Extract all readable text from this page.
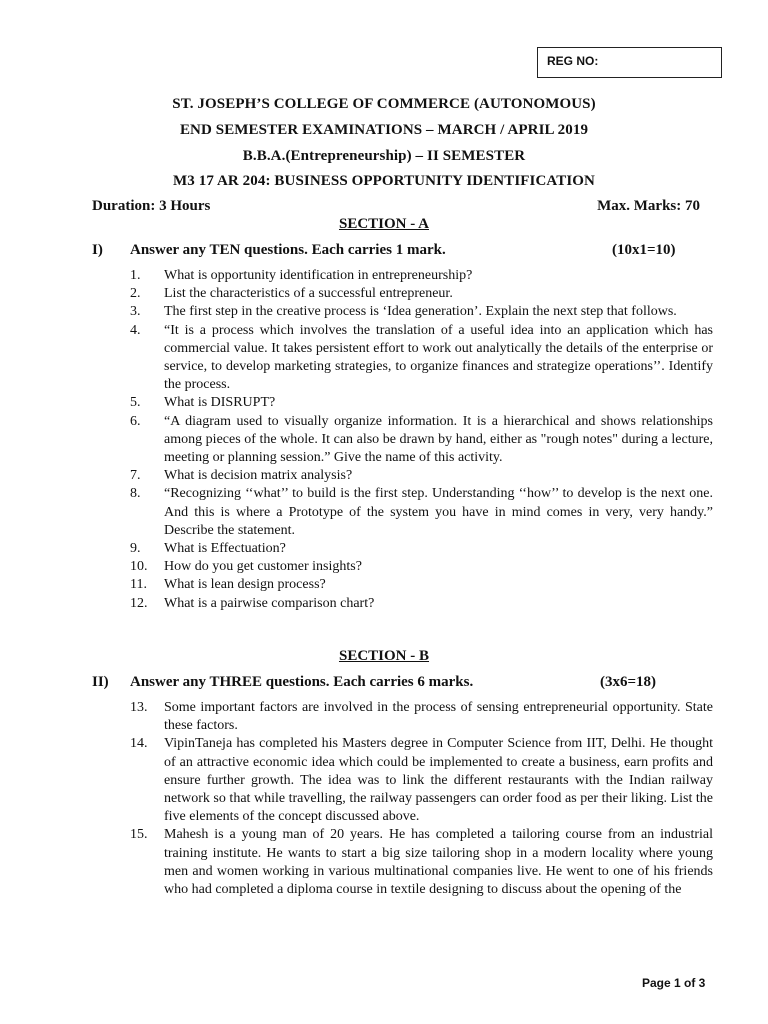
REG NO:
ST. JOSEPH’S COLLEGE OF COMMERCE (AUTONOMOUS)
END SEMESTER EXAMINATIONS – MARCH / APRIL 2019
B.B.A.(Entrepreneurship) – II SEMESTER
M3 17 AR 204: BUSINESS OPPORTUNITY IDENTIFICATION
Duration: 3 Hours	Max. Marks: 70
SECTION - A
I) Answer any TEN questions. Each carries 1 mark.	(10x1=10)
1.	What is opportunity identification in entrepreneurship?
2.	List the characteristics of a successful entrepreneur.
3.	The first step in the creative process is ‘Idea generation’. Explain the next step that follows.
4.	“It is a process which involves the translation of a useful idea into an application which has commercial value. It takes persistent effort to work out analytically the details of the enterprise or service, to develop marketing strategies, to organize finances and strategize operations’’. Identify the process.
5.	What is DISRUPT?
6.	“A diagram used to visually organize information. It is a hierarchical and shows relationships among pieces of the whole. It can also be drawn by hand, either as "rough notes" during a lecture, meeting or planning session.” Give the name of this activity.
7.	What is decision matrix analysis?
8.	“Recognizing ‘‘what’’ to build is the first step. Understanding ‘‘how’’ to develop is the next one. And this is where a Prototype of the system you have in mind comes in very, very handy.” Describe the statement.
9.	What is Effectuation?
10.	How do you get customer insights?
11.	What is lean design process?
12.	What is a pairwise comparison chart?
SECTION - B
II) Answer any THREE questions. Each carries 6 marks.	(3x6=18)
13.	Some important factors are involved in the process of sensing entrepreneurial opportunity. State these factors.
14.	VipinTaneja has completed his Masters degree in Computer Science from IIT, Delhi. He thought of an attractive economic idea which could be implemented to create a business, earn profits and ensure further growth. The idea was to link the different restaurants with the Indian railway network so that while travelling, the railway passengers can order food as per their liking. List the five elements of the concept discussed above.
15.	Mahesh is a young man of 20 years. He has completed a tailoring course from an industrial training institute. He wants to start a big size tailoring shop in a modern locality where young men and women working in various multinational companies live. He went to one of his friends who had completed a diploma course in textile designing to discuss about the opening of the
Page 1 of 3
